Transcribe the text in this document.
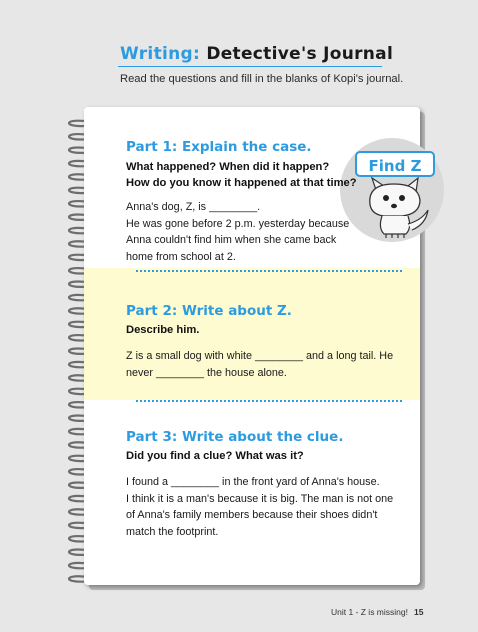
Writing: Detective's Journal
Read the questions and fill in the blanks of Kopi's journal.
Find Z
Part 1: Explain the case.
What happened? When did it happen?
How do you know it happened at that time?
Anna's dog, Z, is ________.
He was gone before 2 p.m. yesterday because
Anna couldn't find him when she came back
home from school at 2.
Part 2: Write about Z.
Describe him.
Z is a small dog with white ________ and a long tail. He
never ________ the house alone.
Part 3: Write about the clue.
Did you find a clue? What was it?
I found a ________ in the front yard of Anna's house.
I think it is a man's because it is big. The man is not one
of Anna's family members because their shoes didn't
match the footprint.
Unit 1 - Z is missing! 15
